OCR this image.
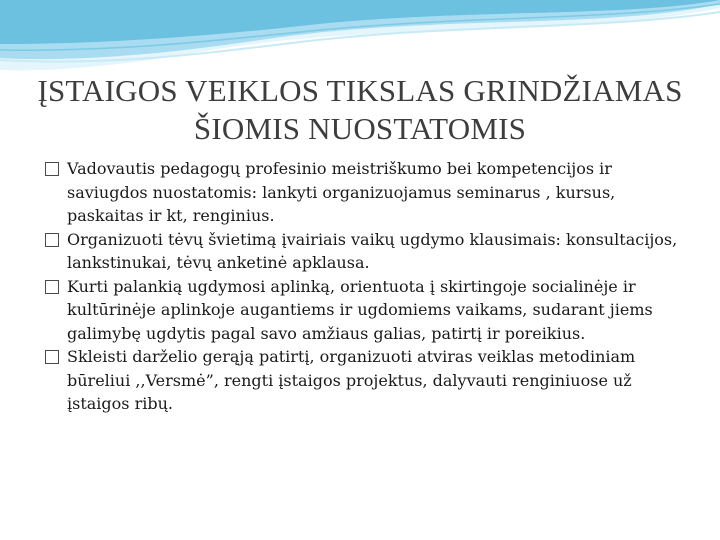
ĮSTAIGOS VEIKLOS TIKSLAS GRINDŽIAMAS ŠIOMIS NUOSTATOMIS
Vadovautis pedagogų profesinio meistriškumo bei kompetencijos ir saviugdos nuostatomis: lankyti organizuojamus seminarus , kursus, paskaitas ir kt, renginius.
Organizuoti tėvų švietimą įvairiais vaikų ugdymo klausimais: konsultacijos, lankstinukai, tėvų anketinė apklausa.
Kurti palankią ugdymosi aplinką, orientuota į skirtingoje socialinėje ir kultūrinėje aplinkoje augantiems ir ugdomiems vaikams, sudarant jiems galimybę ugdytis pagal savo amžiaus galias, patirtį ir poreikius.
Skleisti darželio gerąją patirtį, organizuoti atviras veiklas metodiniam būreliui ,,Versmė”, rengti įstaigos projektus, dalyvauti renginiuose už įstaigos ribų.
